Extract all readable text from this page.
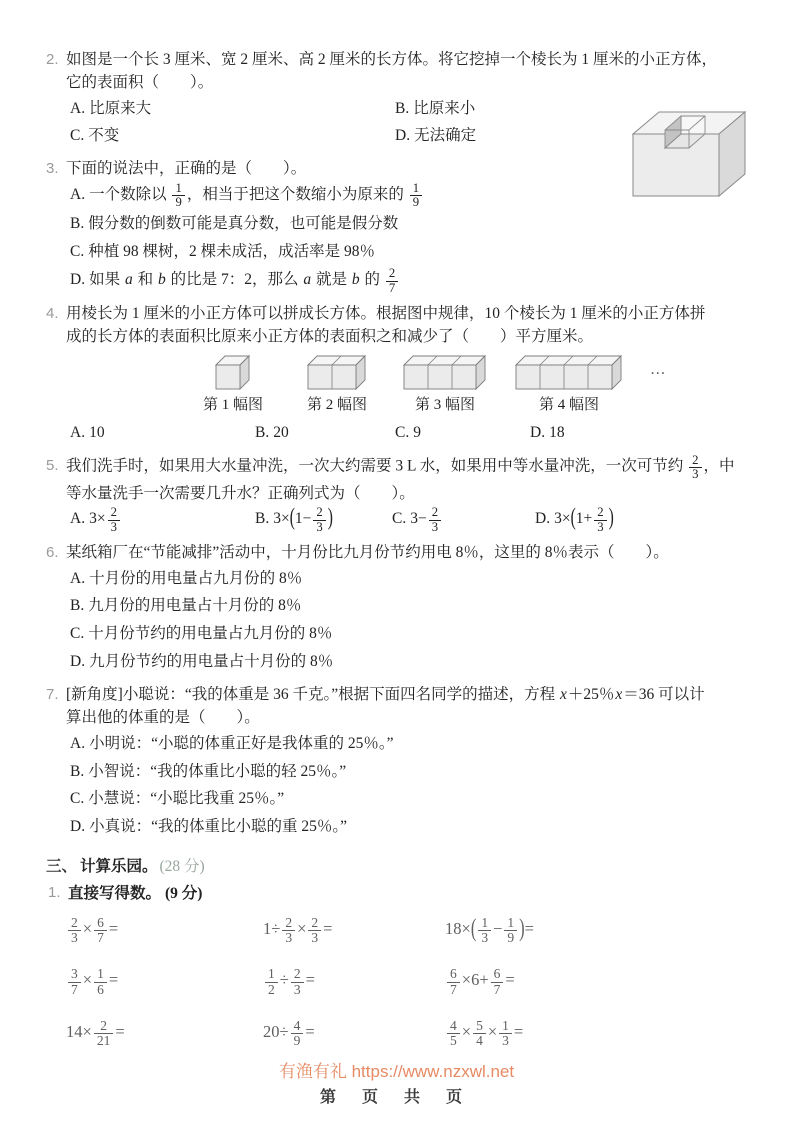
2. 如图是一个长 3 厘米、宽 2 厘米、高 2 厘米的长方体。将它挖掉一个棱长为 1 厘米的小正方体，
它的表面积（　　）。
A. 比原来大	B. 比原来小
C. 不变	D. 无法确定
3. 下面的说法中，正确的是（　　）。
A. 一个数除以 $\frac{1}{9}$ ，相当于把这个数缩小为原来的 $\frac{1}{9}$
B. 假分数的倒数可能是真分数，也可能是假分数
C. 种植 98 棵树，2 棵未成活，成活率是 98％
D. 如果 a 和 b 的比是 7：2，那么 a 就是 b 的 $\frac{2}{7}$
4. 用棱长为 1 厘米的小正方体可以拼成长方体。根据图中规律，10 个棱长为 1 厘米的小正方体拼
成的长方体的表面积比原来小正方体的表面积之和减少了（　　）平方厘米。
第 1 幅图	第 2 幅图	第 3 幅图	第 4 幅图
…
A. 10	B. 20	C. 9	D. 18
5. 我们洗手时，如果用大水量冲洗，一次大约需要 3 L 水，如果用中等水量冲洗，一次可节约 $\frac{2}{3}$ ，中
等水量洗手一次需要几升水？正确列式为（　　）。
A. $3\times \frac{2}{3}$	B. $3\times(1- \frac{2}{3}$ )	C. $3- \frac{2}{3}$	D. $3\times(1+ \frac{2}{3}$ )
6. 某纸箱厂在“节能减排”活动中，十月份比九月份节约用电 8％，这里的 8％表示（　　）。
A. 十月份的用电量占九月份的 8％
B. 九月份的用电量占十月份的 8％
C. 十月份节约的用电量占九月份的 8％
D. 九月份节约的用电量占十月份的 8％
7. [新角度]小聪说：“我的体重是 36 千克。”根据下面四名同学的描述，方程 x＋25％x＝36 可以计
算出他的体重的是（　　）。
A. 小明说：“小聪的体重正好是我体重的 25％。”
B. 小智说：“我的体重比小聪的轻 25％。”
C. 小慧说：“小聪比我重 25％。”
D. 小真说：“我的体重比小聪的重 25％。”
三、 计算乐园。 (28 分)
1. 直接写得数。 (9 分)
$\frac{2}{3} \times \frac{6}{7}$ =	$1\div \frac{2}{3} \times \frac{2}{3}$ =	$18\times( \frac{1}{3} - \frac{1}{9}$ )=
$\frac{3}{7} \times \frac{1}{6}$ =	$\frac{1}{2} \div \frac{2}{3}$ =	$\frac{6}{7} \times 6+ \frac{6}{7}$ =
$14\times \frac{2}{21}$ =	$20\div \frac{4}{9}$ =	$\frac{4}{5} \times \frac{5}{4} \times \frac{1}{3}$ =
有渔有礼 https://www.nzxwl.net
第 页 共 页
